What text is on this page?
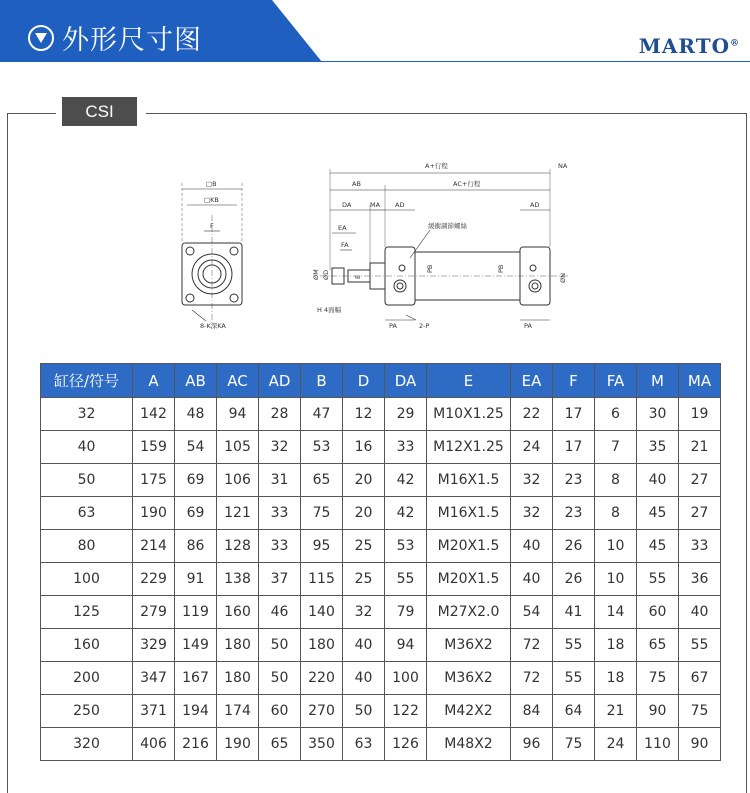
外形尺寸图	MARTO®
CSI
□B
□KB
F
8-K深KA
A+行程	NA
AC+行程
AB
DA	MA AD	AD
EA
FA
緩衝調節螺絲
ØM ØD	E
H 4面幅
PB	PB
ØN
PA	2-P	PA
缸径/符号	A	AB	AC	AD	B	D	DA	E	EA	F	FA	M	MA
32	142	48	94	28	47	12	29	M10X1.25	22	17	6	30	19
40	159	54	105	32	53	16	33	M12X1.25	24	17	7	35	21
50	175	69	106	31	65	20	42	M16X1.5	32	23	8	40	27
63	190	69	121	33	75	20	42	M16X1.5	32	23	8	45	27
80	214	86	128	33	95	25	53	M20X1.5	40	26	10	45	33
100	229	91	138	37	115	25	55	M20X1.5	40	26	10	55	36
125	279	119	160	46	140	32	79	M27X2.0	54	41	14	60	40
160	329	149	180	50	180	40	94	M36X2	72	55	18	65	55
200	347	167	180	50	220	40	100	M36X2	72	55	18	75	67
250	371	194	174	60	270	50	122	M42X2	84	64	21	90	75
320	406	216	190	65	350	63	126	M48X2	96	75	24	110	90
